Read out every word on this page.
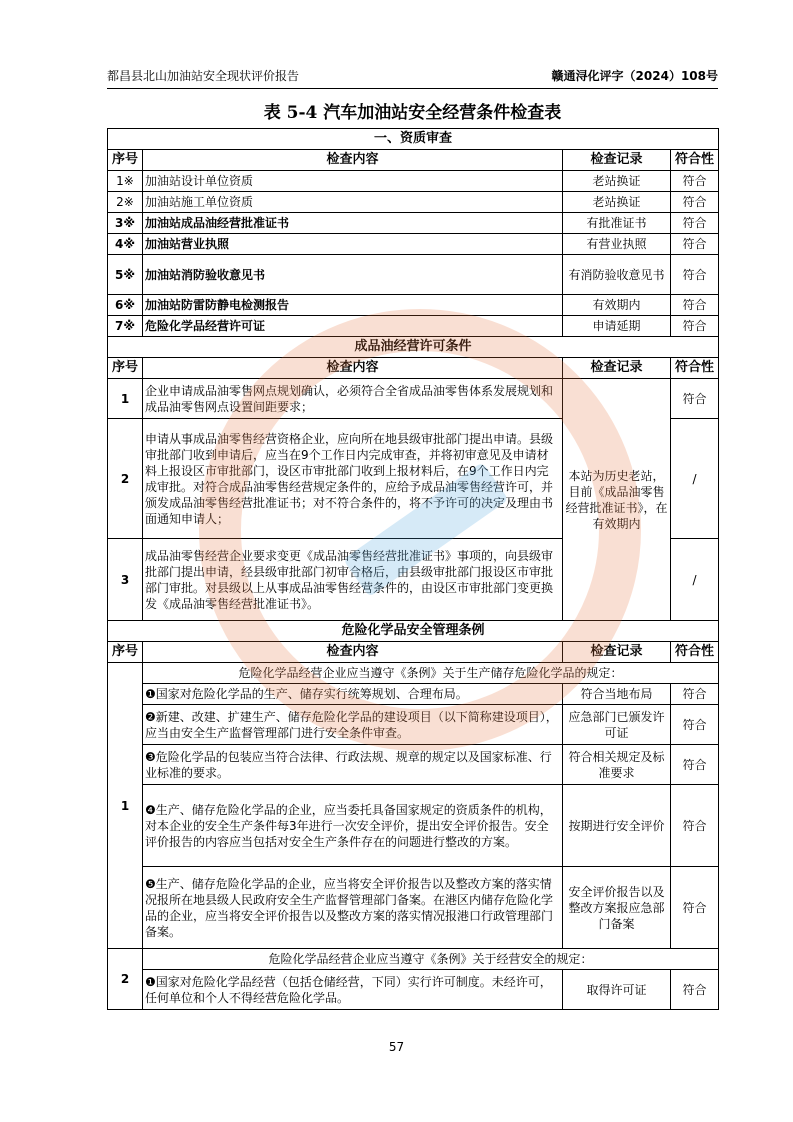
都昌县北山加油站安全现状评价报告	赣通浔化评字（2024）108号
表 5-4 汽车加油站安全经营条件检查表
一、资质审查			
序号	检查内容	检查记录	符合性
1※	加油站设计单位资质	老站换证	符合
2※	加油站施工单位资质	老站换证	符合
3※	加油站成品油经营批准证书	有批准证书	符合
4※	加油站营业执照	有营业执照	符合
5※	加油站消防验收意见书	有消防验收意见书	符合
6※	加油站防雷防静电检测报告	有效期内	符合
7※	危险化学品经营许可证	申请延期	符合
成品油经营许可条件			
序号	检查内容	检查记录	符合性
1	企业申请成品油零售网点规划确认，必须符合全省成品油零售体系发展规划和成品油零售网点设置间距要求；	本站为历史老站，目前《成品油零售经营批准证书》，在有效期内	符合
2	申请从事成品油零售经营资格企业，应向所在地县级审批部门提出申请。县级审批部门收到申请后，应当在9个工作日内完成审查，并将初审意见及申请材料上报设区市审批部门，设区市审批部门收到上报材料后，在9个工作日内完成审批。对符合成品油零售经营规定条件的，应给予成品油零售经营许可，并颁发成品油零售经营批准证书；对不符合条件的，将不予许可的决定及理由书面通知申请人；		/
3	成品油零售经营企业要求变更《成品油零售经营批准证书》事项的，向县级审批部门提出申请，经县级审批部门初审合格后，由县级审批部门报设区市审批部门审批。对县级以上从事成品油零售经营条件的，由设区市审批部门变更换发《成品油零售经营批准证书》。		/
危险化学品安全管理条例			
序号	检查内容	检查记录	符合性
1	危险化学品经营企业应当遵守《条例》关于生产储存危险化学品的规定：		
	❶国家对危险化学品的生产、储存实行统筹规划、合理布局。	符合当地布局	符合
	❷新建、改建、扩建生产、储存危险化学品的建设项目（以下简称建设项目），应当由安全生产监督管理部门进行安全条件审查。	应急部门已颁发许可证	符合
	❸危险化学品的包装应当符合法律、行政法规、规章的规定以及国家标准、行业标准的要求。	符合相关规定及标准要求	符合
	❹生产、储存危险化学品的企业，应当委托具备国家规定的资质条件的机构，对本企业的安全生产条件每3年进行一次安全评价，提出安全评价报告。安全评价报告的内容应当包括对安全生产条件存在的问题进行整改的方案。	按期进行安全评价	符合
	❺生产、储存危险化学品的企业，应当将安全评价报告以及整改方案的落实情况报所在地县级人民政府安全生产监督管理部门备案。在港区内储存危险化学品的企业，应当将安全评价报告以及整改方案的落实情况报港口行政管理部门备案。	安全评价报告以及整改方案报应急部门备案	符合
2	危险化学品经营企业应当遵守《条例》关于经营安全的规定：		
	❶国家对危险化学品经营（包括仓储经营，下同）实行许可制度。未经许可，任何单位和个人不得经营危险化学品。	取得许可证	符合
57
